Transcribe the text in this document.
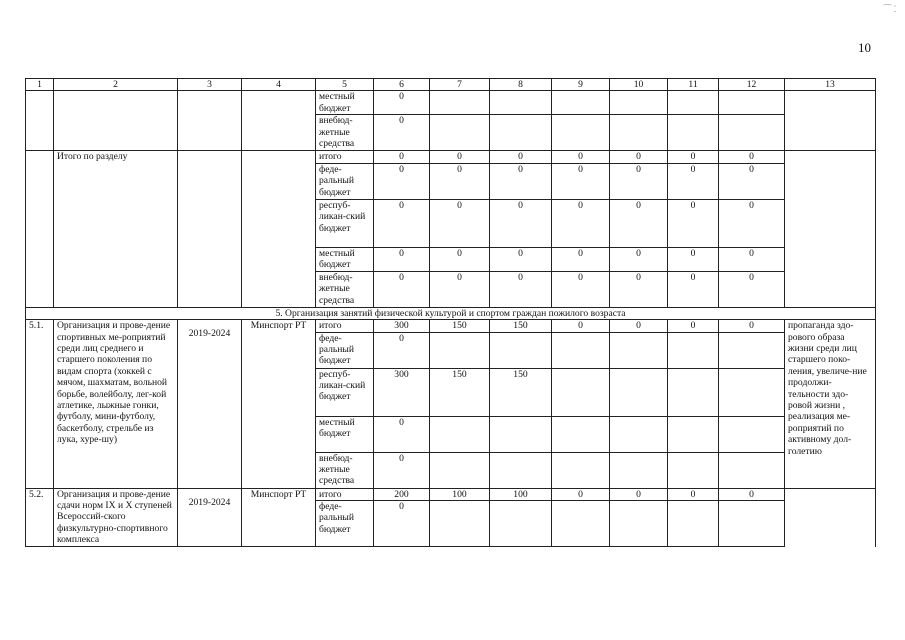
⁀ ⁚
10
1	2	3	4	5	6	7	8	9	10	11	12	13
				местный бюджет	0							
				внебюд-жетные средства	0							
	Итого по разделу			итого	0	0	0	0	0	0	0	
				феде-ральный бюджет	0	0	0	0	0	0	0	
				респуб-ликан-ский бюджет	0	0	0	0	0	0	0	
				местный бюджет	0	0	0	0	0	0	0	
				внебюд-жетные средства	0	0	0	0	0	0	0	
5. Организация занятий физической культурой и спортом граждан пожилого возраста												
5.1.	Организация и прове-дение спортивных ме-роприятий среди лиц среднего и старшего поколения по видам спорта (хоккей с мячом, шахматам, вольной борьбе, волейболу, лег-кой атлетике, лыжные гонки, футболу, мини-футболу, баскетболу, стрельбе из лука, хуре-шу)	2019-2024	Минспорт РТ	итого	300	150	150	0	0	0	0	пропаганда здо-рового образа жизни среди лиц старшего поко-ления, увеличе-ние продолжи-тельности здо-ровой жизни , реализация ме-роприятий по активному дол-голетию
				феде-ральный бюджет	0							
				респуб-ликан-ский бюджет	300	150	150					
				местный бюджет	0							
				внебюд-жетные средства	0							
5.2.	Организация и прове-дение сдачи норм IX и X ступеней Всероссий-ского физкультурно-спортивного комплекса	2019-2024	Минспорт РТ	итого	200	100	100	0	0	0	0	
				феде-ральный бюджет	0							
